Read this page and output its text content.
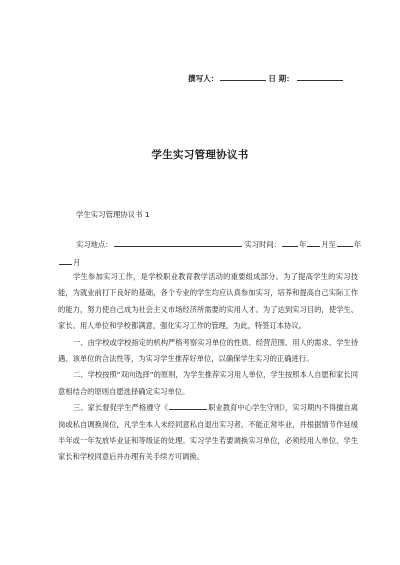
撰写人：	日 期：
学生实习管理协议书
学生实习管理协议书 1
实习地点：	实习时间： 年 月至 年
月

学生参加实习工作，是学校职业教育教学活动的重要组成部分。为了提高学生的实习技能，为就业前打下良好的基础，各个专业的学生均应认真参加实习，培养和提高自己实际工作的能力，努力使自己成为社会主义市场经济所需要的实用人才。为了达到实习目的，使学生、家长、用人单位和学校都满意，强化实习工作的管理，为此，特签订本协议。

一、由学校或学校指定的机构严格考察实习单位的性质、经营范围、用人的需求、学生待遇、该单位的合法性等，为实习学生推荐好单位，以确保学生实习的正确进行。

二、学校按照“双向选择”的原则，为学生推荐实习用人单位，学生按照本人自愿和家长同意相结合的原则自愿选择确定实习单位。

三、家长督促学生严格遵守《	职业教育中心学生守则》，实习期内不得擅自离岗或私自调换岗位，凡学生本人未经同意私自退出实习者，不能正常毕业，并根据情节作延缓半年或一年发放毕业证和等级证的处理。实习学生若要调换实习单位，必须经用人单位、学生家长和学校同意后并办理有关手续方可调换。
